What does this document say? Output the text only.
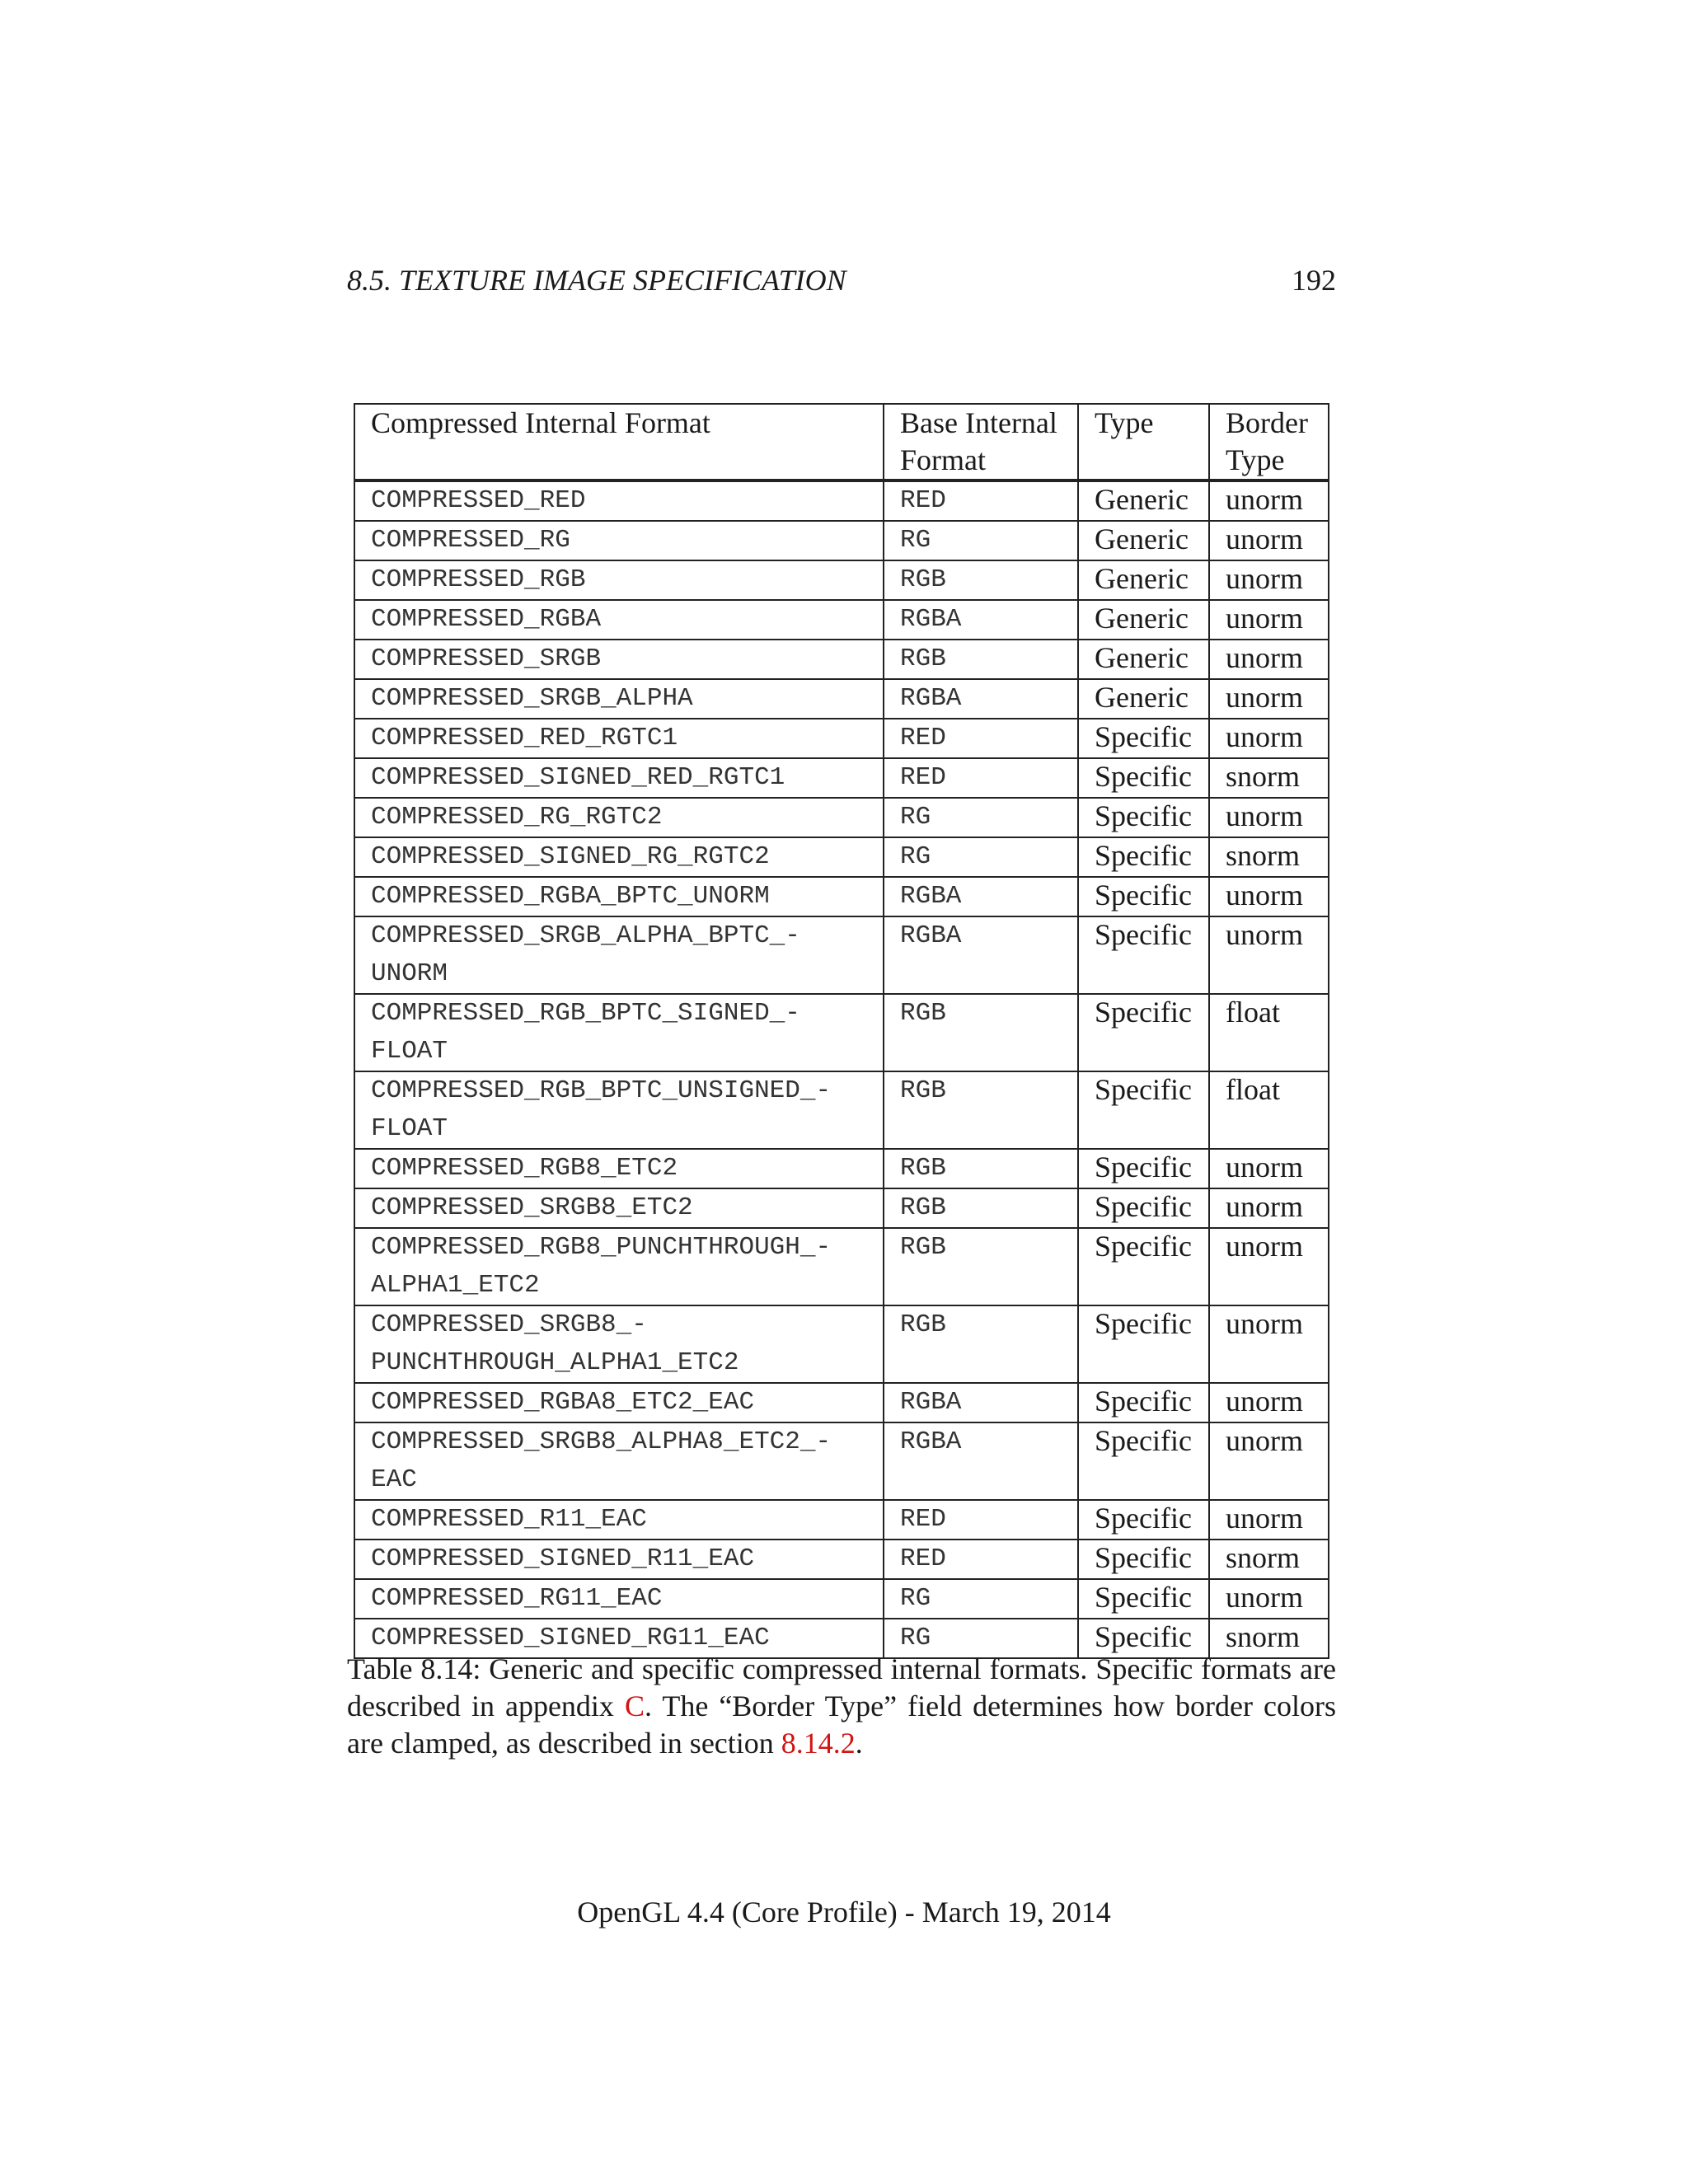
8.5. TEXTURE IMAGE SPECIFICATION	192
Compressed Internal Format	Base Internal Format	Type	Border Type
COMPRESSED_RED	RED	Generic	unorm
COMPRESSED_RG	RG	Generic	unorm
COMPRESSED_RGB	RGB	Generic	unorm
COMPRESSED_RGBA	RGBA	Generic	unorm
COMPRESSED_SRGB	RGB	Generic	unorm
COMPRESSED_SRGB_ALPHA	RGBA	Generic	unorm
COMPRESSED_RED_RGTC1	RED	Specific	unorm
COMPRESSED_SIGNED_RED_RGTC1	RED	Specific	snorm
COMPRESSED_RG_RGTC2	RG	Specific	unorm
COMPRESSED_SIGNED_RG_RGTC2	RG	Specific	snorm
COMPRESSED_RGBA_BPTC_UNORM	RGBA	Specific	unorm
COMPRESSED_SRGB_ALPHA_BPTC_-
UNORM	RGBA	Specific	unorm
COMPRESSED_RGB_BPTC_SIGNED_-
FLOAT	RGB	Specific	float
COMPRESSED_RGB_BPTC_UNSIGNED_-
FLOAT	RGB	Specific	float
COMPRESSED_RGB8_ETC2	RGB	Specific	unorm
COMPRESSED_SRGB8_ETC2	RGB	Specific	unorm
COMPRESSED_RGB8_PUNCHTHROUGH_-
ALPHA1_ETC2	RGB	Specific	unorm
COMPRESSED_SRGB8_-
PUNCHTHROUGH_ALPHA1_ETC2	RGB	Specific	unorm
COMPRESSED_RGBA8_ETC2_EAC	RGBA	Specific	unorm
COMPRESSED_SRGB8_ALPHA8_ETC2_-
EAC	RGBA	Specific	unorm
COMPRESSED_R11_EAC	RED	Specific	unorm
COMPRESSED_SIGNED_R11_EAC	RED	Specific	snorm
COMPRESSED_RG11_EAC	RG	Specific	unorm
COMPRESSED_SIGNED_RG11_EAC	RG	Specific	snorm
Table 8.14: Generic and specific compressed internal formats. Specific formats are described in appendix C. The “Border Type” field determines how border colors are clamped, as described in section 8.14.2.
OpenGL 4.4 (Core Profile) - March 19, 2014
